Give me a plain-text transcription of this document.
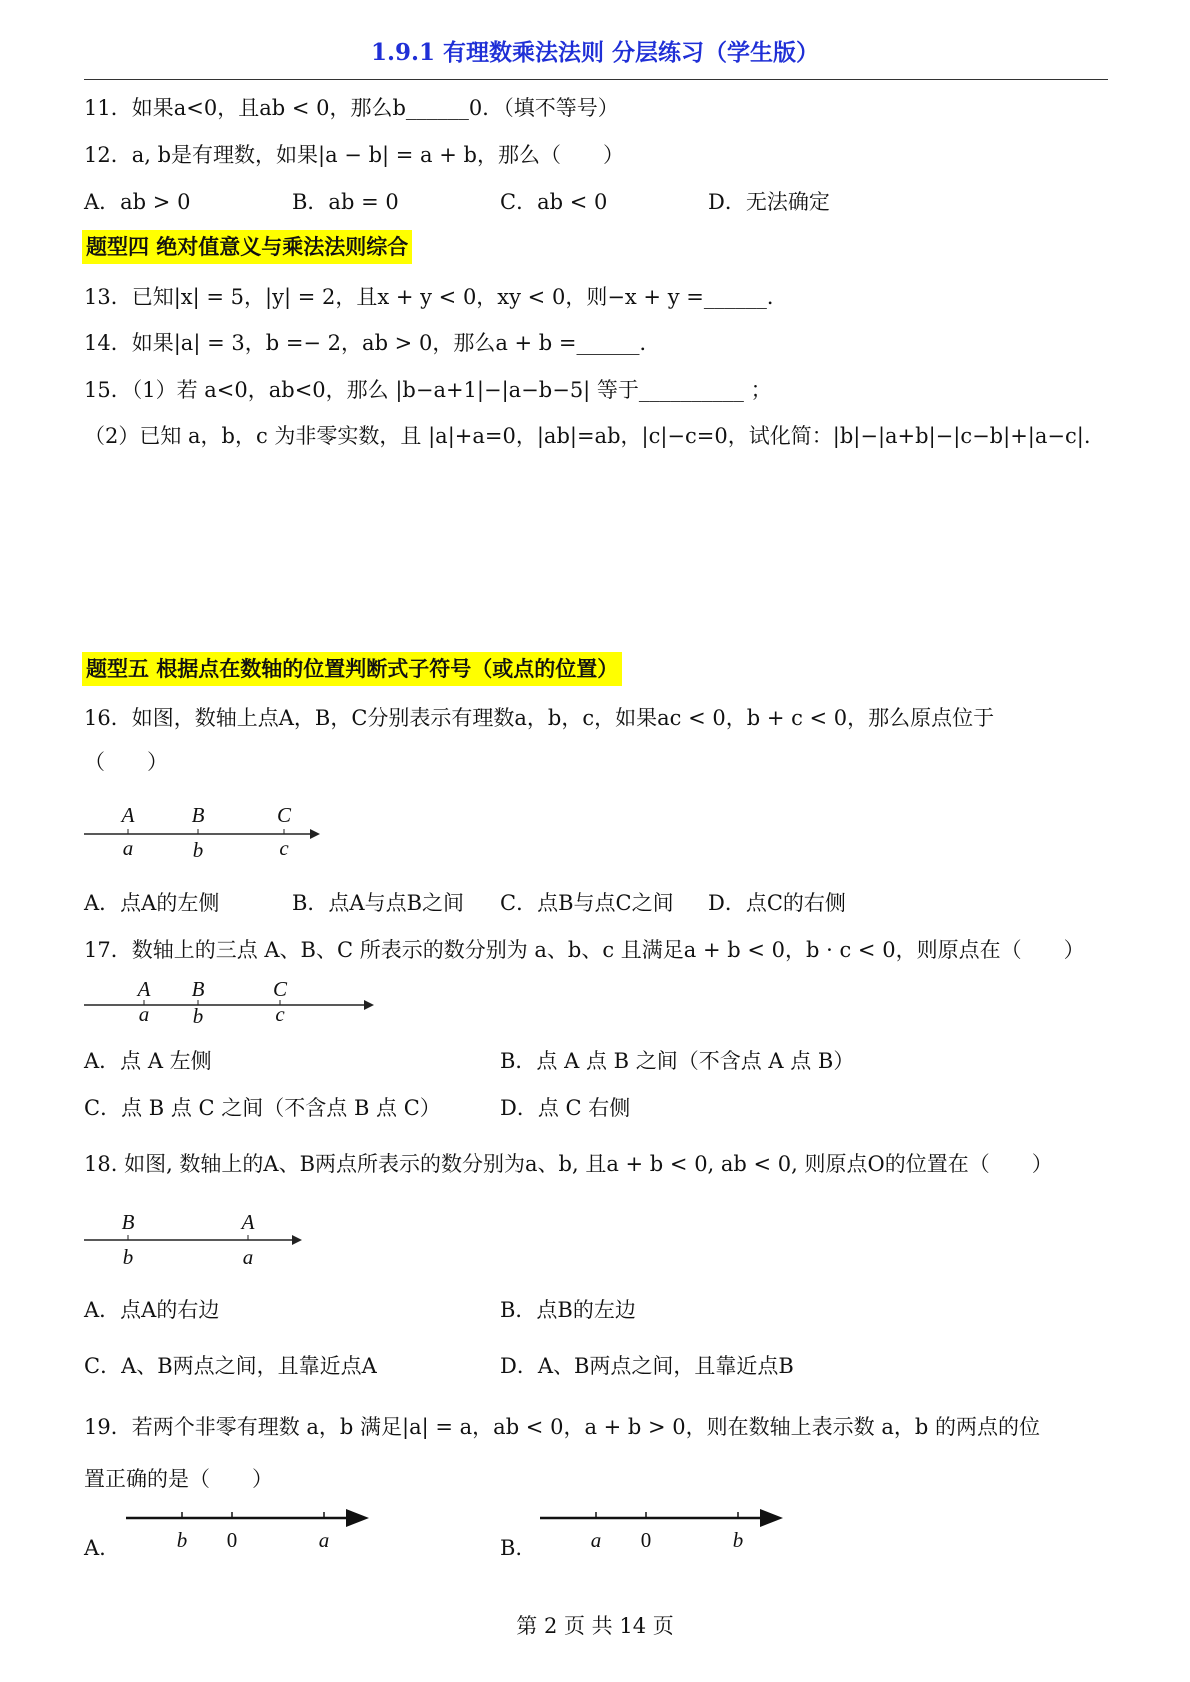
1.9.1 有理数乘法法则 分层练习（学生版）
11．如果a<0，且ab < 0，那么b______0．（填不等号）
12．a, b是有理数，如果|a − b| = a + b，那么（　　）
A．ab > 0	B．ab = 0	C．ab < 0	D．无法确定
题型四 绝对值意义与乘法法则综合
13．已知|x| = 5，|y| = 2，且x + y < 0，xy < 0，则−x + y =______．
14．如果|a| = 3，b =− 2，ab > 0，那么a + b =______．
15．（1）若 a<0，ab<0，那么 |b−a+1|−|a−b−5| 等于__________ ；
（2）已知 a，b，c 为非零实数，且 |a|+a=0，|ab|=ab，|c|−c=0，试化简：|b|−|a+b|−|c−b|+|a−c|.
题型五 根据点在数轴的位置判断式子符号（或点的位置）
16．如图，数轴上点A，B，C分别表示有理数a，b，c，如果ac < 0，b + c < 0，那么原点位于
（　　）
A	B	C
a	b	c
A．点A的左侧	B．点A与点B之间 C．点B与点C之间 D．点C的右侧
17．数轴上的三点 A、B、C 所表示的数分别为 a、b、c 且满足a + b < 0，b · c < 0，则原点在（　　）
A B	C
a b	c
A．点 A 左侧	B．点 A 点 B 之间（不含点 A 点 B）
C．点 B 点 C 之间（不含点 B 点 C）	D．点 C 右侧
18. 如图, 数轴上的A、B两点所表示的数分别为a、b, 且a + b < 0, ab < 0, 则原点O的位置在（　　）
B	A
b	a
A．点A的右边	B．点B的左边
C．A、B两点之间，且靠近点A	D．A、B两点之间，且靠近点B
19．若两个非零有理数 a，b 满足|a| = a，ab < 0，a + b > 0，则在数轴上表示数 a，b 的两点的位
置正确的是（　　）
A.	b 0	a	B.	a 0	b
第 2 页 共 14 页
